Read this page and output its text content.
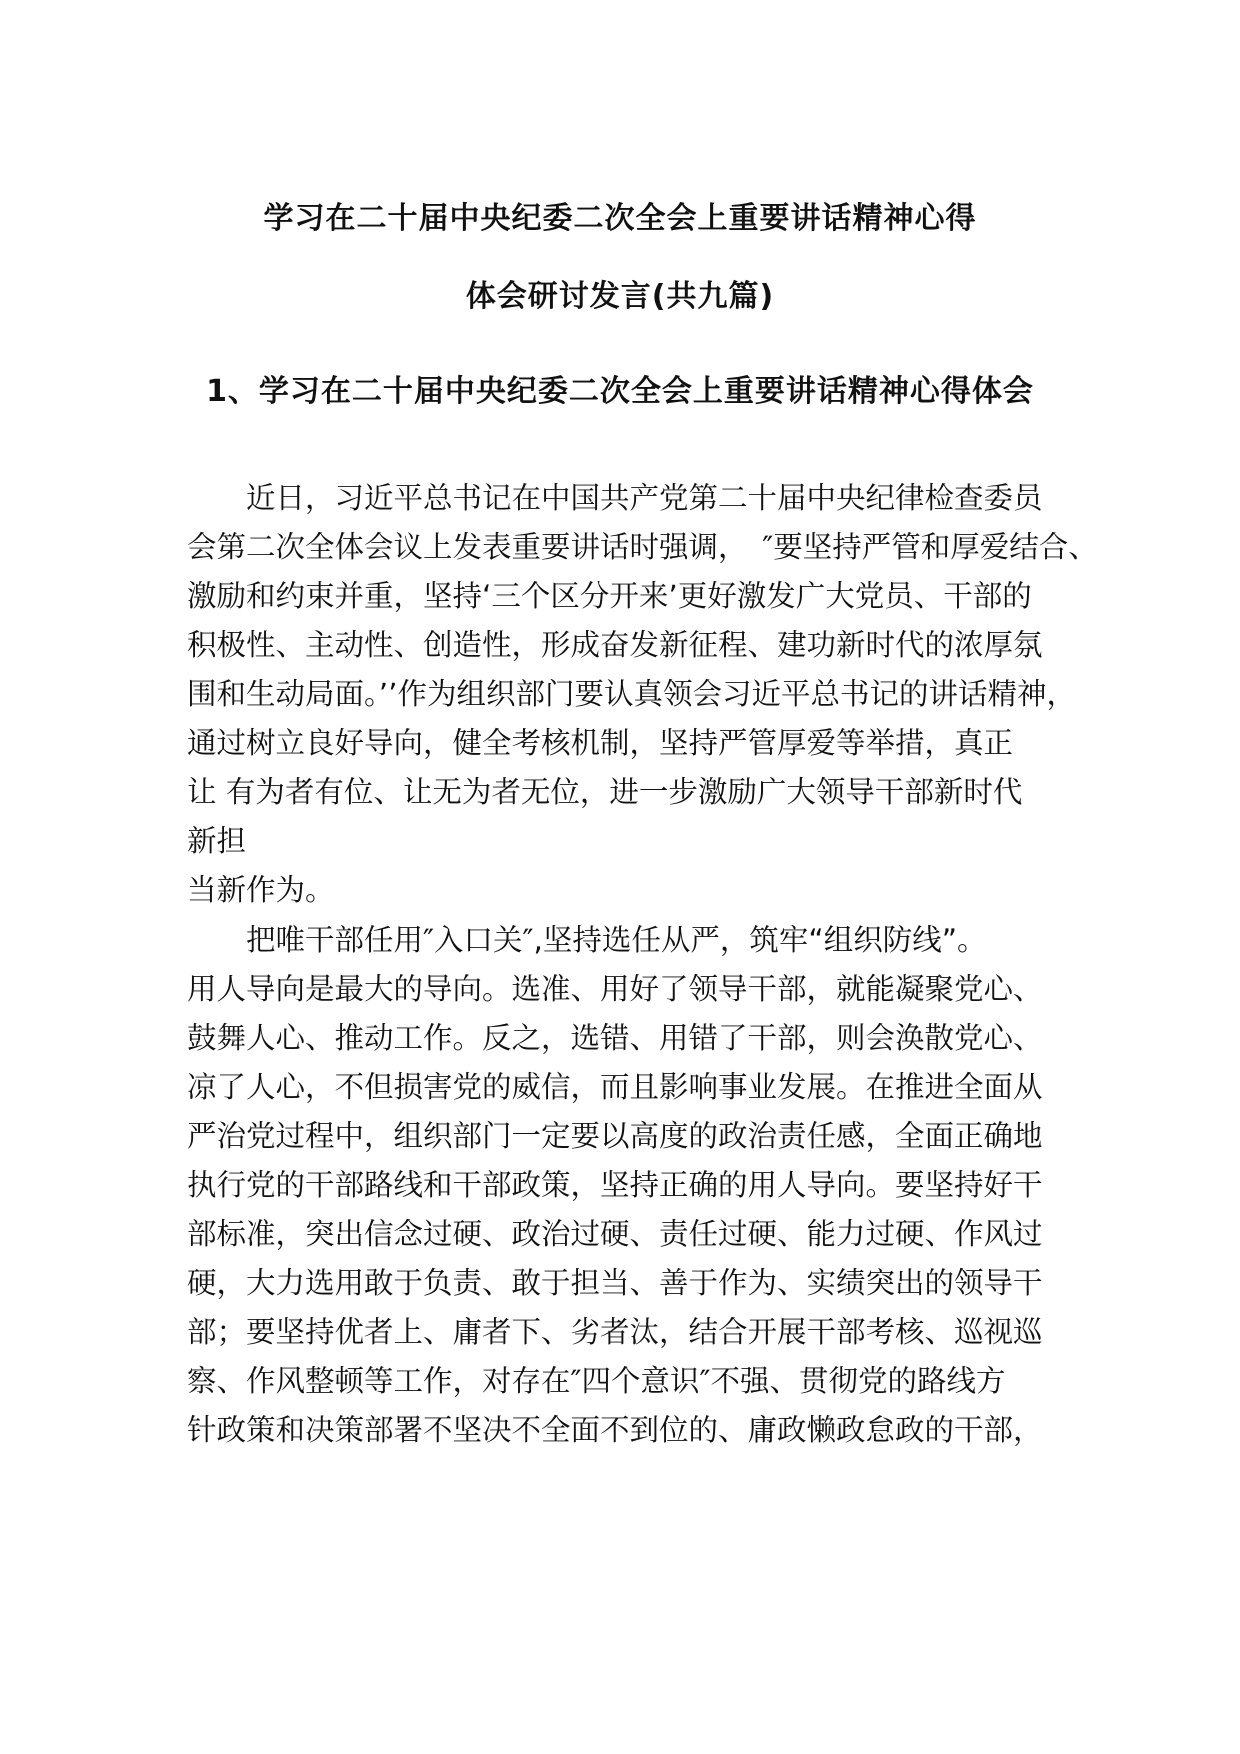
学习在二十届中央纪委二次全会上重要讲话精神心得
体会研讨发言(共九篇)
1、学习在二十届中央纪委二次全会上重要讲话精神心得体会
　　近日，习近平总书记在中国共产党第二十届中央纪律检查委员
会第二次全体会议上发表重要讲话时强调，　″要坚持严管和厚爱结合、
激励和约束并重，坚持‘三个区分开来’更好激发广大党员、干部的
积极性、主动性、创造性，形成奋发新征程、建功新时代的浓厚氛
围和生动局面。’’作为组织部门要认真领会习近平总书记的讲话精神，
通过树立良好导向，健全考核机制，坚持严管厚爱等举措，真正
让 有为者有位、让无为者无位，进一步激励广大领导干部新时代
新担
当新作为。
　　把唯干部任用″入口关″,坚持选任从严，筑牢“组织防线”。
用人导向是最大的导向。选准、用好了领导干部，就能凝聚党心、
鼓舞人心、推动工作。反之，选错、用错了干部，则会涣散党心、
凉了人心，不但损害党的威信，而且影响事业发展。在推进全面从
严治党过程中，组织部门一定要以高度的政治责任感，全面正确地
执行党的干部路线和干部政策，坚持正确的用人导向。要坚持好干
部标准，突出信念过硬、政治过硬、责任过硬、能力过硬、作风过
硬，大力选用敢于负责、敢于担当、善于作为、实绩突出的领导干
部；要坚持优者上、庸者下、劣者汰，结合开展干部考核、巡视巡
察、作风整顿等工作，对存在″四个意识″不强、贯彻党的路线方
针政策和决策部署不坚决不全面不到位的、庸政懒政怠政的干部，
